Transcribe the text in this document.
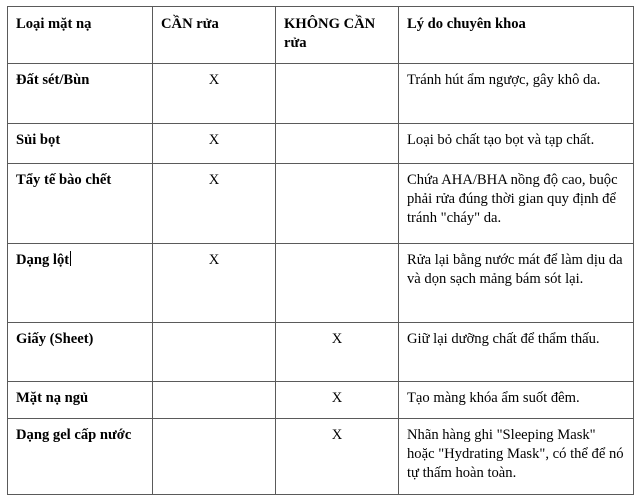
Loại mặt nạ	CẦN rửa	KHÔNG CẦN rửa	Lý do chuyên khoa
Đất sét/Bùn	X		Tránh hút ẩm ngược, gây khô da.
Sủi bọt	X		Loại bỏ chất tạo bọt và tạp chất.
Tẩy tế bào chết	X		Chứa AHA/BHA nồng độ cao, buộc phải rửa đúng thời gian quy định để tránh "cháy" da.
Dạng lột	X		Rửa lại bằng nước mát để làm dịu da và dọn sạch mảng bám sót lại.
Giấy (Sheet)		X	Giữ lại dưỡng chất để thẩm thấu.
Mặt nạ ngủ		X	Tạo màng khóa ẩm suốt đêm.
Dạng gel cấp nước		X	Nhãn hàng ghi "Sleeping Mask" hoặc "Hydrating Mask", có thể để nó tự thấm hoàn toàn.
